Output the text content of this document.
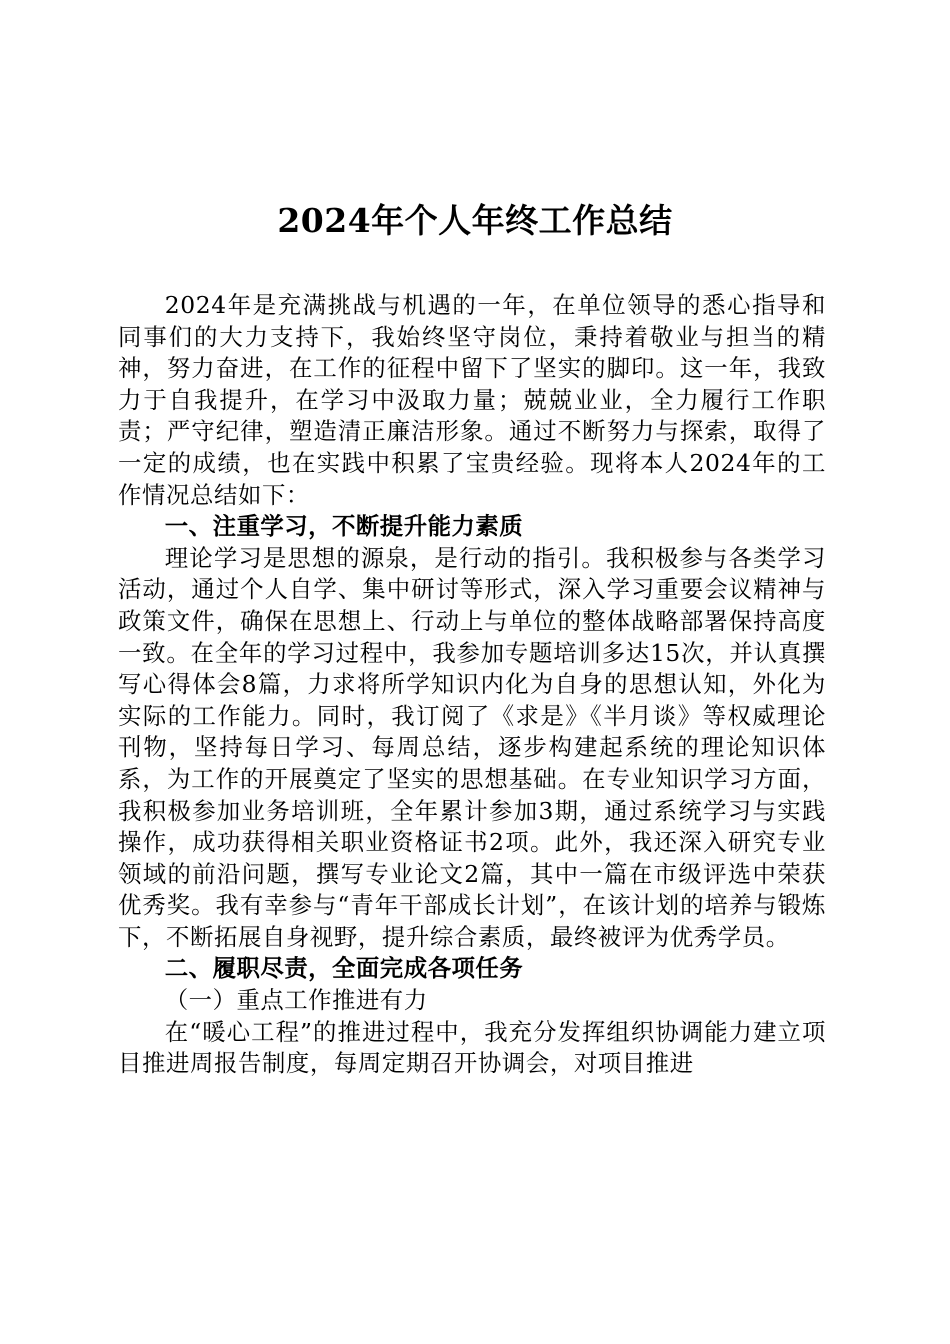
2024年个人年终工作总结

2024年是充满挑战与机遇的一年，在单位领导的悉心指导和同事们的大力支持下，我始终坚守岗位，秉持着敬业与担当的精神，努力奋进，在工作的征程中留下了坚实的脚印。这一年，我致力于自我提升，在学习中汲取力量；兢兢业业，全力履行工作职责；严守纪律，塑造清正廉洁形象。通过不断努力与探索，取得了一定的成绩，也在实践中积累了宝贵经验。现将本人2024年的工作情况总结如下：

一、注重学习，不断提升能力素质

理论学习是思想的源泉，是行动的指引。我积极参与各类学习活动，通过个人自学、集中研讨等形式，深入学习重要会议精神与政策文件，确保在思想上、行动上与单位的整体战略部署保持高度一致。在全年的学习过程中，我参加专题培训多达15次，并认真撰写心得体会8篇，力求将所学知识内化为自身的思想认知，外化为实际的工作能力。同时，我订阅了《求是》《半月谈》等权威理论刊物，坚持每日学习、每周总结，逐步构建起系统的理论知识体系，为工作的开展奠定了坚实的思想基础。在专业知识学习方面，我积极参加业务培训班，全年累计参加3期，通过系统学习与实践操作，成功获得相关职业资格证书2项。此外，我还深入研究专业领域的前沿问题，撰写专业论文2篇，其中一篇在市级评选中荣获优秀奖。我有幸参与“青年干部成长计划”，在该计划的培养与锻炼下，不断拓展自身视野，提升综合素质，最终被评为优秀学员。

二、履职尽责，全面完成各项任务

（一）重点工作推进有力

在“暖心工程”的推进过程中，我充分发挥组织协调能力建立项目推进周报告制度，每周定期召开协调会，对项目推进
